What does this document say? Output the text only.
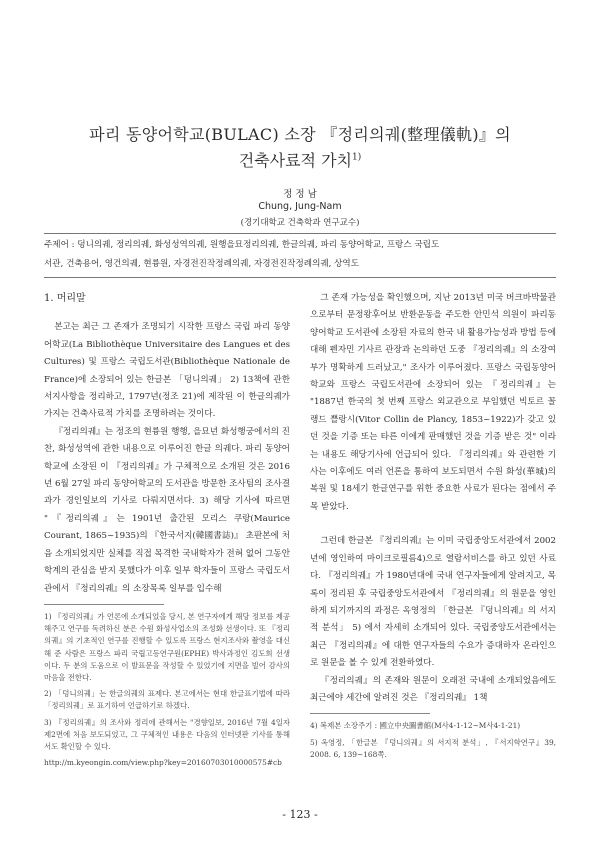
파리 동양어학교(BULAC) 소장 『정리의궤(整理儀軌)』의
건축사료적 가치$^{1)}$
정 정 남
Chung, Jung-Nam
(경기대학교 건축학과 연구교수)
주제어 : 덩니의궤, 정리의궤, 화성성역의궤, 원행을묘정리의궤, 한글의궤, 파리 동양어학교, 프랑스 국립도
서관, 건축용어, 영건의궤, 현륭원, 자경전진작정례의궤, 자경전진작정례의궤, 상역도
1. 머리말

본고는 최근 그 존재가 조명되기 시작한 프랑스 국립 파리 동양어학교(La Bibliothèque Universitaire des Langues et des Cultures) 및 프랑스 국립도서관(Bibliothèque Nationale de France)에 소장되어 있는 한글본 「덩니의궤」 2) 13책에 관한 서지사항을 정리하고, 1797년(정조 21)에 제작된 이 한글의궤가 가지는 건축사료적 가치를 조명하려는 것이다.

『정리의궤』는 정조의 현륭원 행행, 을묘년 화성행궁에서의 진찬, 화성성역에 관한 내용으로 이루어진 한글 의궤다. 파리 동양어학교에 소장된 이 『정리의궤』가 구체적으로 소개된 것은 2016년 6월 27일 파리 동양어학교의 도서관을 방문한 조사팀의 조사결과가 경인일보의 기사로 다뤄지면서다. 3) 해당 기사에 따르면 "『정리의궤』는 1901년 출간된 모리스 쿠랑(Maurice Courant, 1865~1935)의 『한국서지(韓國書誌)』 초판본에 처음 소개되었지만 실체를 직접 목격한 국내학자가 전혀 없어 그동안 학계의 관심을 받지 못했다가 이후 일부 학자들이 프랑스 국립도서관에서 『정리의궤』의 소장목록 일부를 입수해

1) 『정리의궤』가 언론에 소개되었을 당시, 본 연구자에게 해당 정보를 제공해주고 연구를 독려하신 분은 수원 화성사업소의 조성화 선생이다. 또 『정리의궤』의 기초적인 연구를 진행할 수 있도록 프랑스 현지조사와 촬영을 대신해 준 사람은 프랑스 파리 국립고등연구원(EPHE) 박사과정인 김도희 선생이다. 두 분의 도움으로 이 발표문을 작성할 수 있었기에 지면을 빌어 감사의 마음을 전한다.

2) 「덩니의궤」는 한글의궤의 표제다. 본고에서는 현대 한글표기법에 따라 「정리의궤」로 표기하여 언급하기로 하겠다.

3) 『정리의궤』의 조사와 정리에 관해서는 "경향일보, 2016년 7월 4일자 제2면에 처음 보도되었고, 그 구체적인 내용은 다음의 인터넷판 기사를 통해서도 확인할 수 있다.

http://m.kyeongin.com/view.php?key=20160703010000575#cb

그 존재 가능성을 확인했으며, 지난 2013년 미국 버크바박물관으로부터 문정왕후어보 반환운동을 주도한 안민석 의원이 파리동양어학교 도서관에 소장된 자료의 한국 내 활용가능성과 방법 등에 대해 펜자민 기사르 관장과 논의하던 도중 『정리의궤』의 소장여부가 명확하게 드러났고," 조사가 이루어졌다. 프랑스 국립동양어학교와 프랑스 국립도서관에 소장되어 있는 『정리의궤』는 "1887년 한국의 첫 번째 프랑스 외교관으로 부임했던 빅토르 꼴랭드 쁠랑시(Vitor Collin de Plancy, 1853~1922)가 갖고 있던 것을 기증 또는 타른 이에게 판매했던 것을 기증 받은 것" 이라는 내용도 해당기사에 언급되어 있다. 『정리의궤』와 관련한 기사는 이후에도 여러 언론을 통하여 보도되면서 수원 화성(華城)의 복원 및 18세기 한글연구를 위한 중요한 사료가 된다는 점에서 주목 받았다.

그런데 한글본 『정리의궤』는 이미 국립중앙도서관에서 2002년에 영인하여 마이크로필름4)으로 열람서비스를 하고 있던 사료다. 『정리의궤』가 1980년대에 국내 연구자들에게 알려지고, 목록이 정리된 후 국립중앙도서관에서 『정리의궤』의 원문을 영인하게 되기까지의 과정은 옥영정의 「한글본 『덩니의궤』의 서지적 분석」 5) 에서 자세히 소개되어 있다. 국립중앙도서관에서는 최근 『정리의궤』에 대한 연구자들의 수요가 증대하자 온라인으로 원문을 볼 수 있게 전환하였다.

『정리의궤』의 존재와 원문이 오래전 국내에 소개되었음에도 최근에야 세간에 알려진 것은 『정리의궤』 1책

4) 복제본 소장주기 : 國立中央圖書館(M사4-1-12~M사4-1-21)

5) 옥영정, 「한글본 『덩니의궤』의 서지적 분석」, 『서지학연구』39, 2008. 6, 139~168쪽.

- 123 -
